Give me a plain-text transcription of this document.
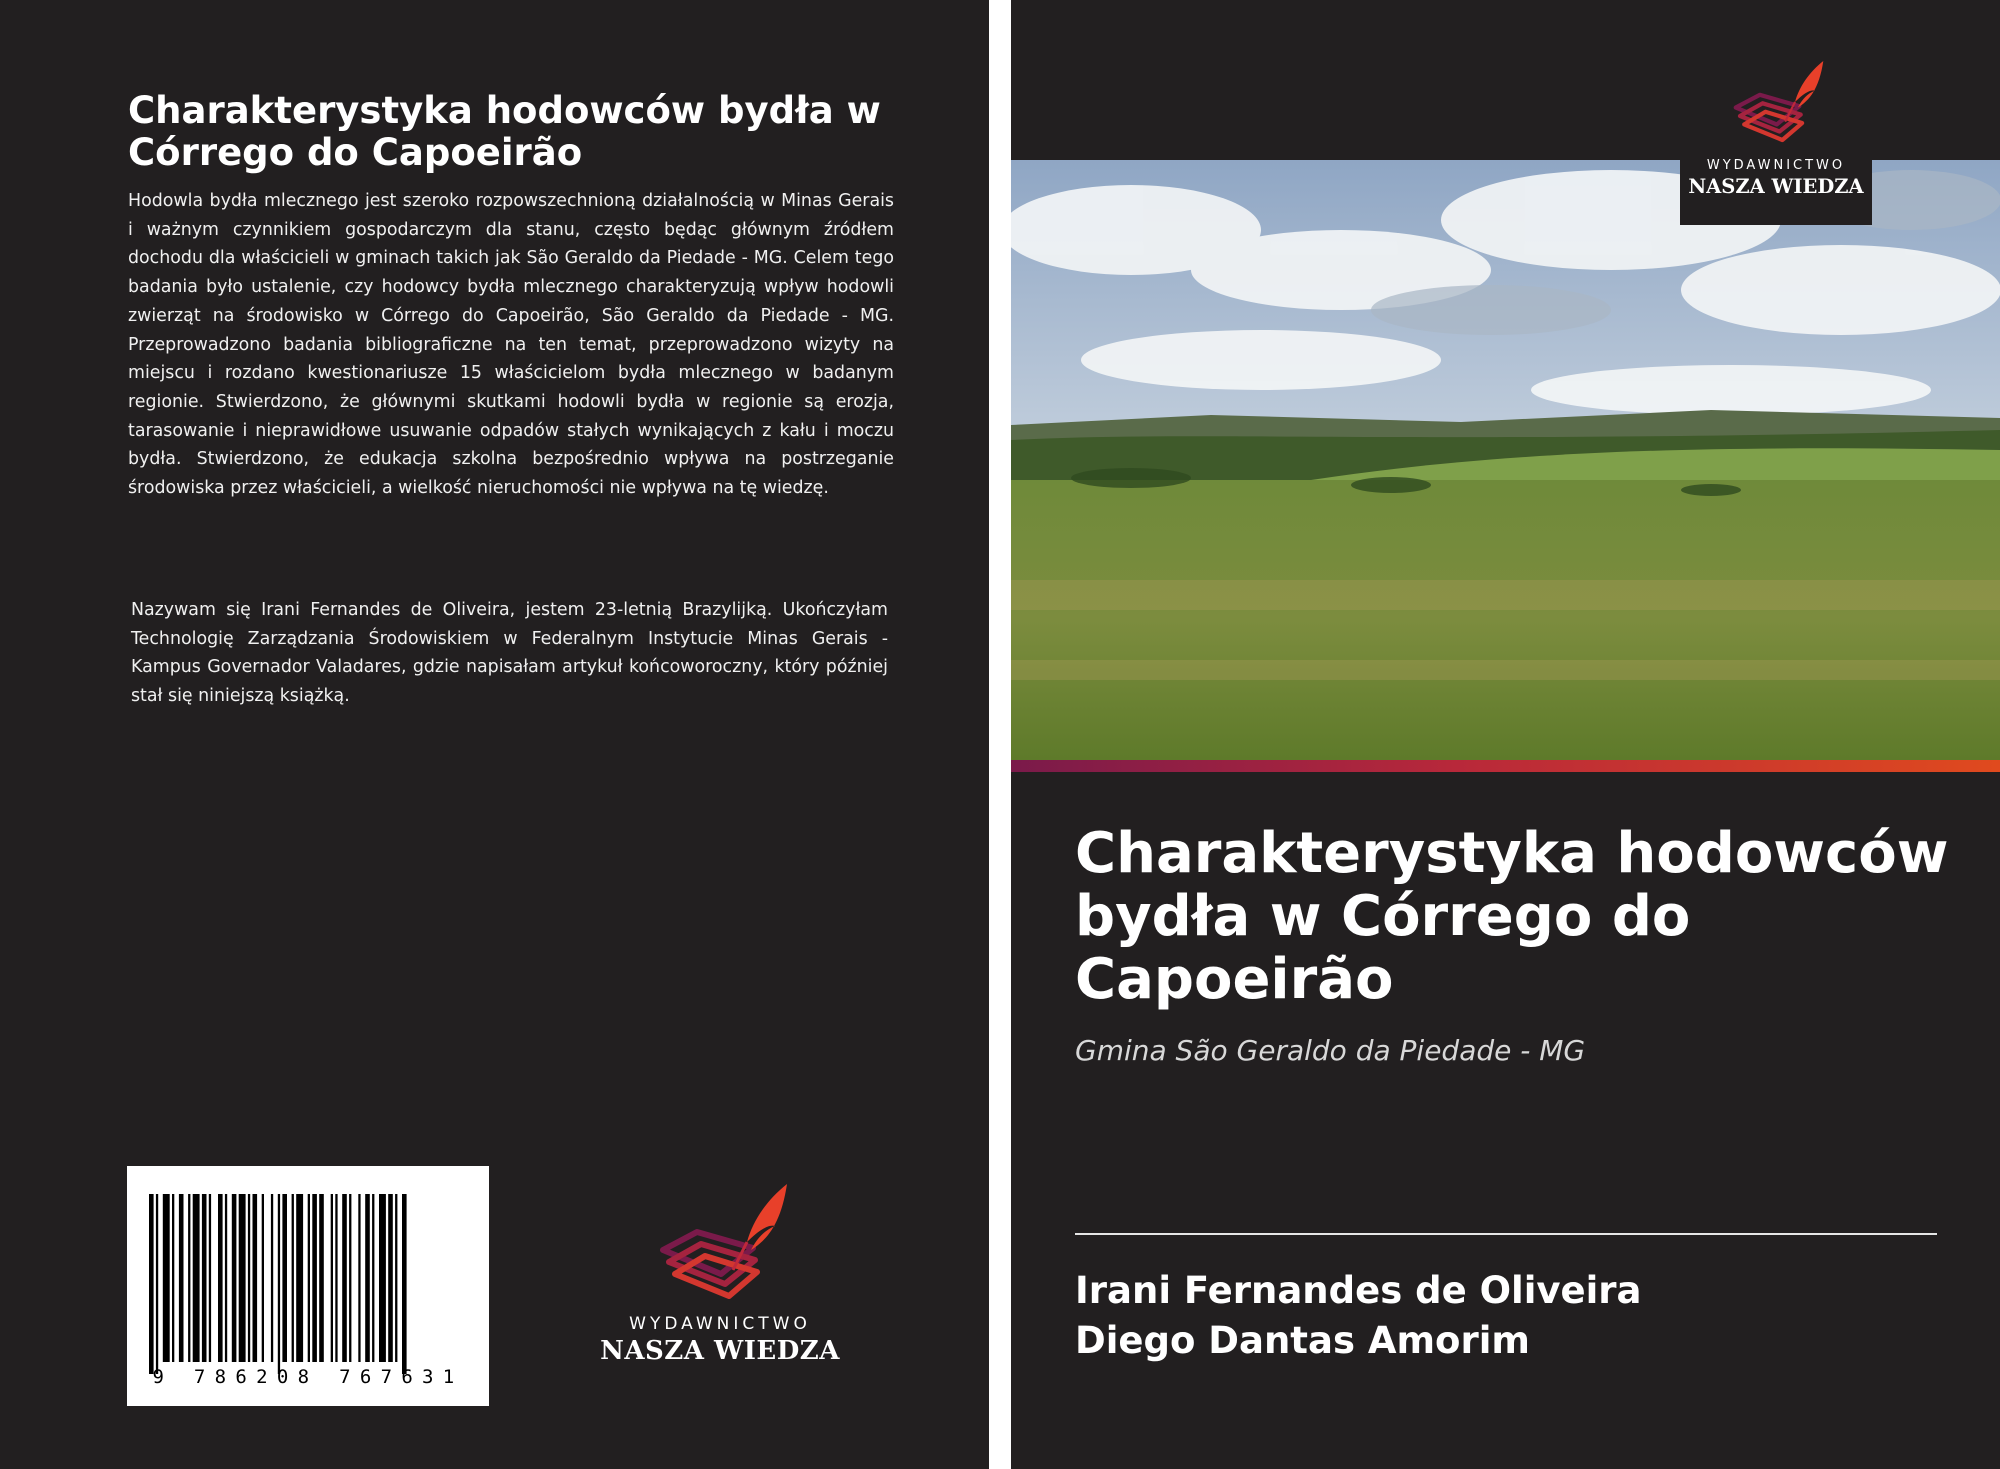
Charakterystyka hodowców bydła w Córrego do Capoeirão

Hodowla bydła mlecznego jest szeroko rozpowszechnioną działalnością w Minas Gerais i ważnym czynnikiem gospodarczym dla stanu, często będąc głównym źródłem dochodu dla właścicieli w gminach takich jak São Geraldo da Piedade - MG. Celem tego badania było ustalenie, czy hodowcy bydła mlecznego charakteryzują wpływ hodowli zwierząt na środowisko w Córrego do Capoeirão, São Geraldo da Piedade - MG. Przeprowadzono badania bibliograficzne na ten temat, przeprowadzono wizyty na miejscu i rozdano kwestionariusze 15 właścicielom bydła mlecznego w badanym regionie. Stwierdzono, że głównymi skutkami hodowli bydła w regionie są erozja, tarasowanie i nieprawidłowe usuwanie odpadów stałych wynikających z kału i moczu bydła. Stwierdzono, że edukacja szkolna bezpośrednio wpływa na postrzeganie środowiska przez właścicieli, a wielkość nieruchomości nie wpływa na tę wiedzę.

Nazywam się Irani Fernandes de Oliveira, jestem 23-letnią Brazylijką. Ukończyłam Technologię Zarządzania Środowiskiem w Federalnym Instytucie Minas Gerais - Kampus Governador Valadares, gdzie napisałam artykuł końcoworoczny, który później stał się niniejszą książką.

9 786208 767631
WYDAWNICTWO
NASZA WIEDZA
WYDAWNICTWO
NASZA WIEDZA
Charakterystyka hodowców bydła w Córrego do Capoeirão
Gmina São Geraldo da Piedade - MG
Irani Fernandes de Oliveira
Diego Dantas Amorim
